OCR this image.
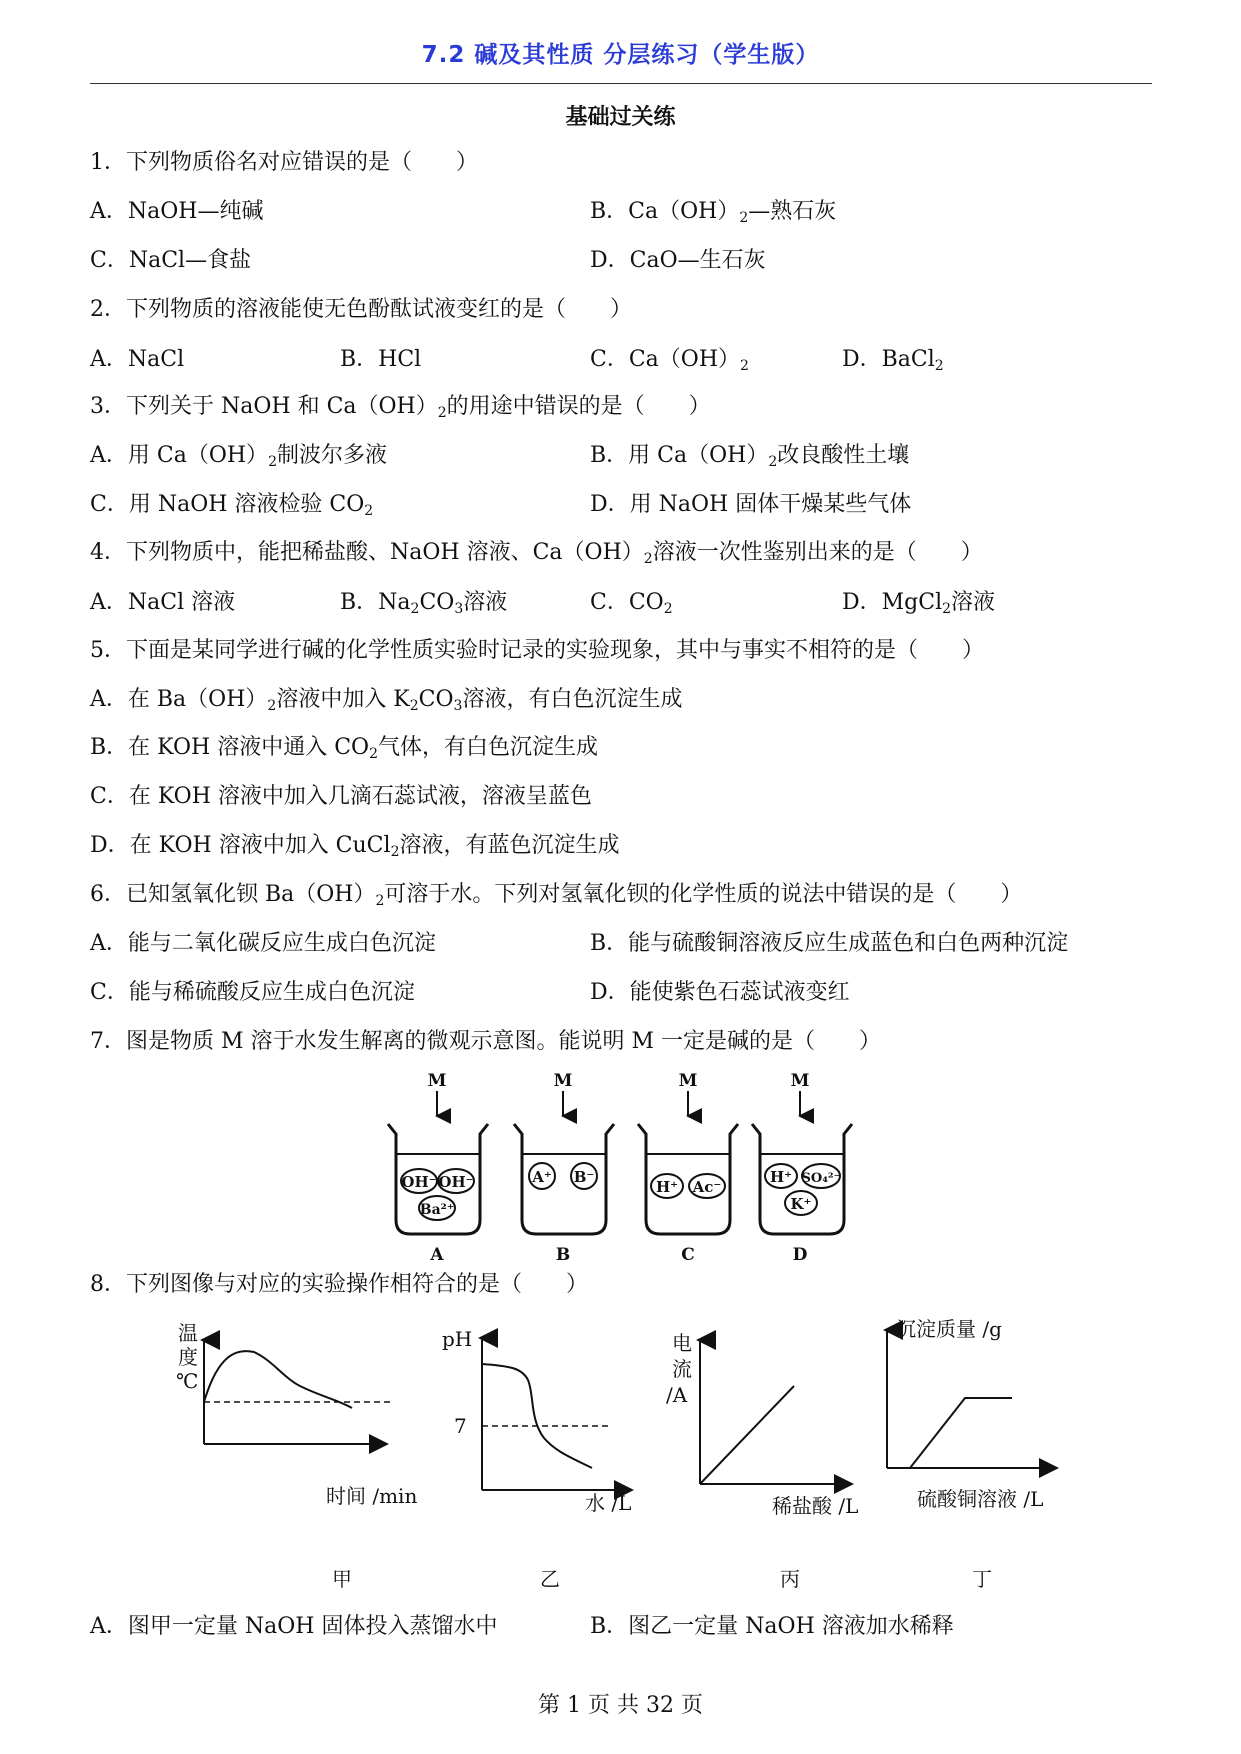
7.2 碱及其性质 分层练习（学生版）
基础过关练
1．下列物质俗名对应错误的是（　　）
A．NaOH—纯碱	B．$Ca(OH)_2—$熟石灰
C．NaCl—食盐	D．CaO—生石灰
2．下列物质的溶液能使无色酚酞试液变红的是（　　）
A．NaCl	B．HCl	C．$Ca(OH)_2$	D．BaCl$_2$
3．下列关于 NaOH 和 $Ca(OH)_2$的用途中错误的是（　　）
A．用 $Ca(OH)_2$制波尔多液	B．用 $Ca(OH)_2$改良酸性土壤
C．用 NaOH 溶液检验 $CO_2$	D．用 NaOH 固体干燥某些气体
4．下列物质中，能把稀盐酸、NaOH 溶液、$Ca(OH)_2$溶液一次性鉴别出来的是（　　）
A．NaCl 溶液	B．$Na_2CO_3$溶液	C．$CO_2$	D．MgCl$_2$溶液
5．下面是某同学进行碱的化学性质实验时记录的实验现象，其中与事实不相符的是（　　）
A．在 $Ba(OH)_2$溶液中加入 $K_2CO_3$溶液，有白色沉淀生成
B．在 KOH 溶液中通入 $CO_2$气体，有白色沉淀生成
C．在 KOH 溶液中加入几滴石蕊试液，溶液呈蓝色
D．在 KOH 溶液中加入 CuCl$_2$溶液，有蓝色沉淀生成
6．已知氢氧化钡 $Ba(OH)_2$可溶于水。下列对氢氧化钡的化学性质的说法中错误的是（　　）
A．能与二氧化碳反应生成白色沉淀	B．能与硫酸铜溶液反应生成蓝色和白色两种沉淀
C．能与稀硫酸反应生成白色沉淀	D．能使紫色石蕊试液变红
7．图是物质 M 溶于水发生解离的微观示意图。能说明 M 一定是碱的是（　　）
M
OH⁻ OH⁻
Ba²⁺
A
M
A⁺ B⁻
B
M
H⁺ Ac⁻
C
M
H⁺ SO₄²⁻
K⁺
D
8．下列图像与对应的实验操作相符合的是（　　）
温
度
℃
时间 /min
甲
pH
7
水 /L
乙
电
流
/A
稀盐酸 /L
丙
沉淀质量 /g
硫酸铜溶液 /L
丁
A．图甲一定量 NaOH 固体投入蒸馏水中	B．图乙一定量 NaOH 溶液加水稀释
第 1 页 共 32 页
